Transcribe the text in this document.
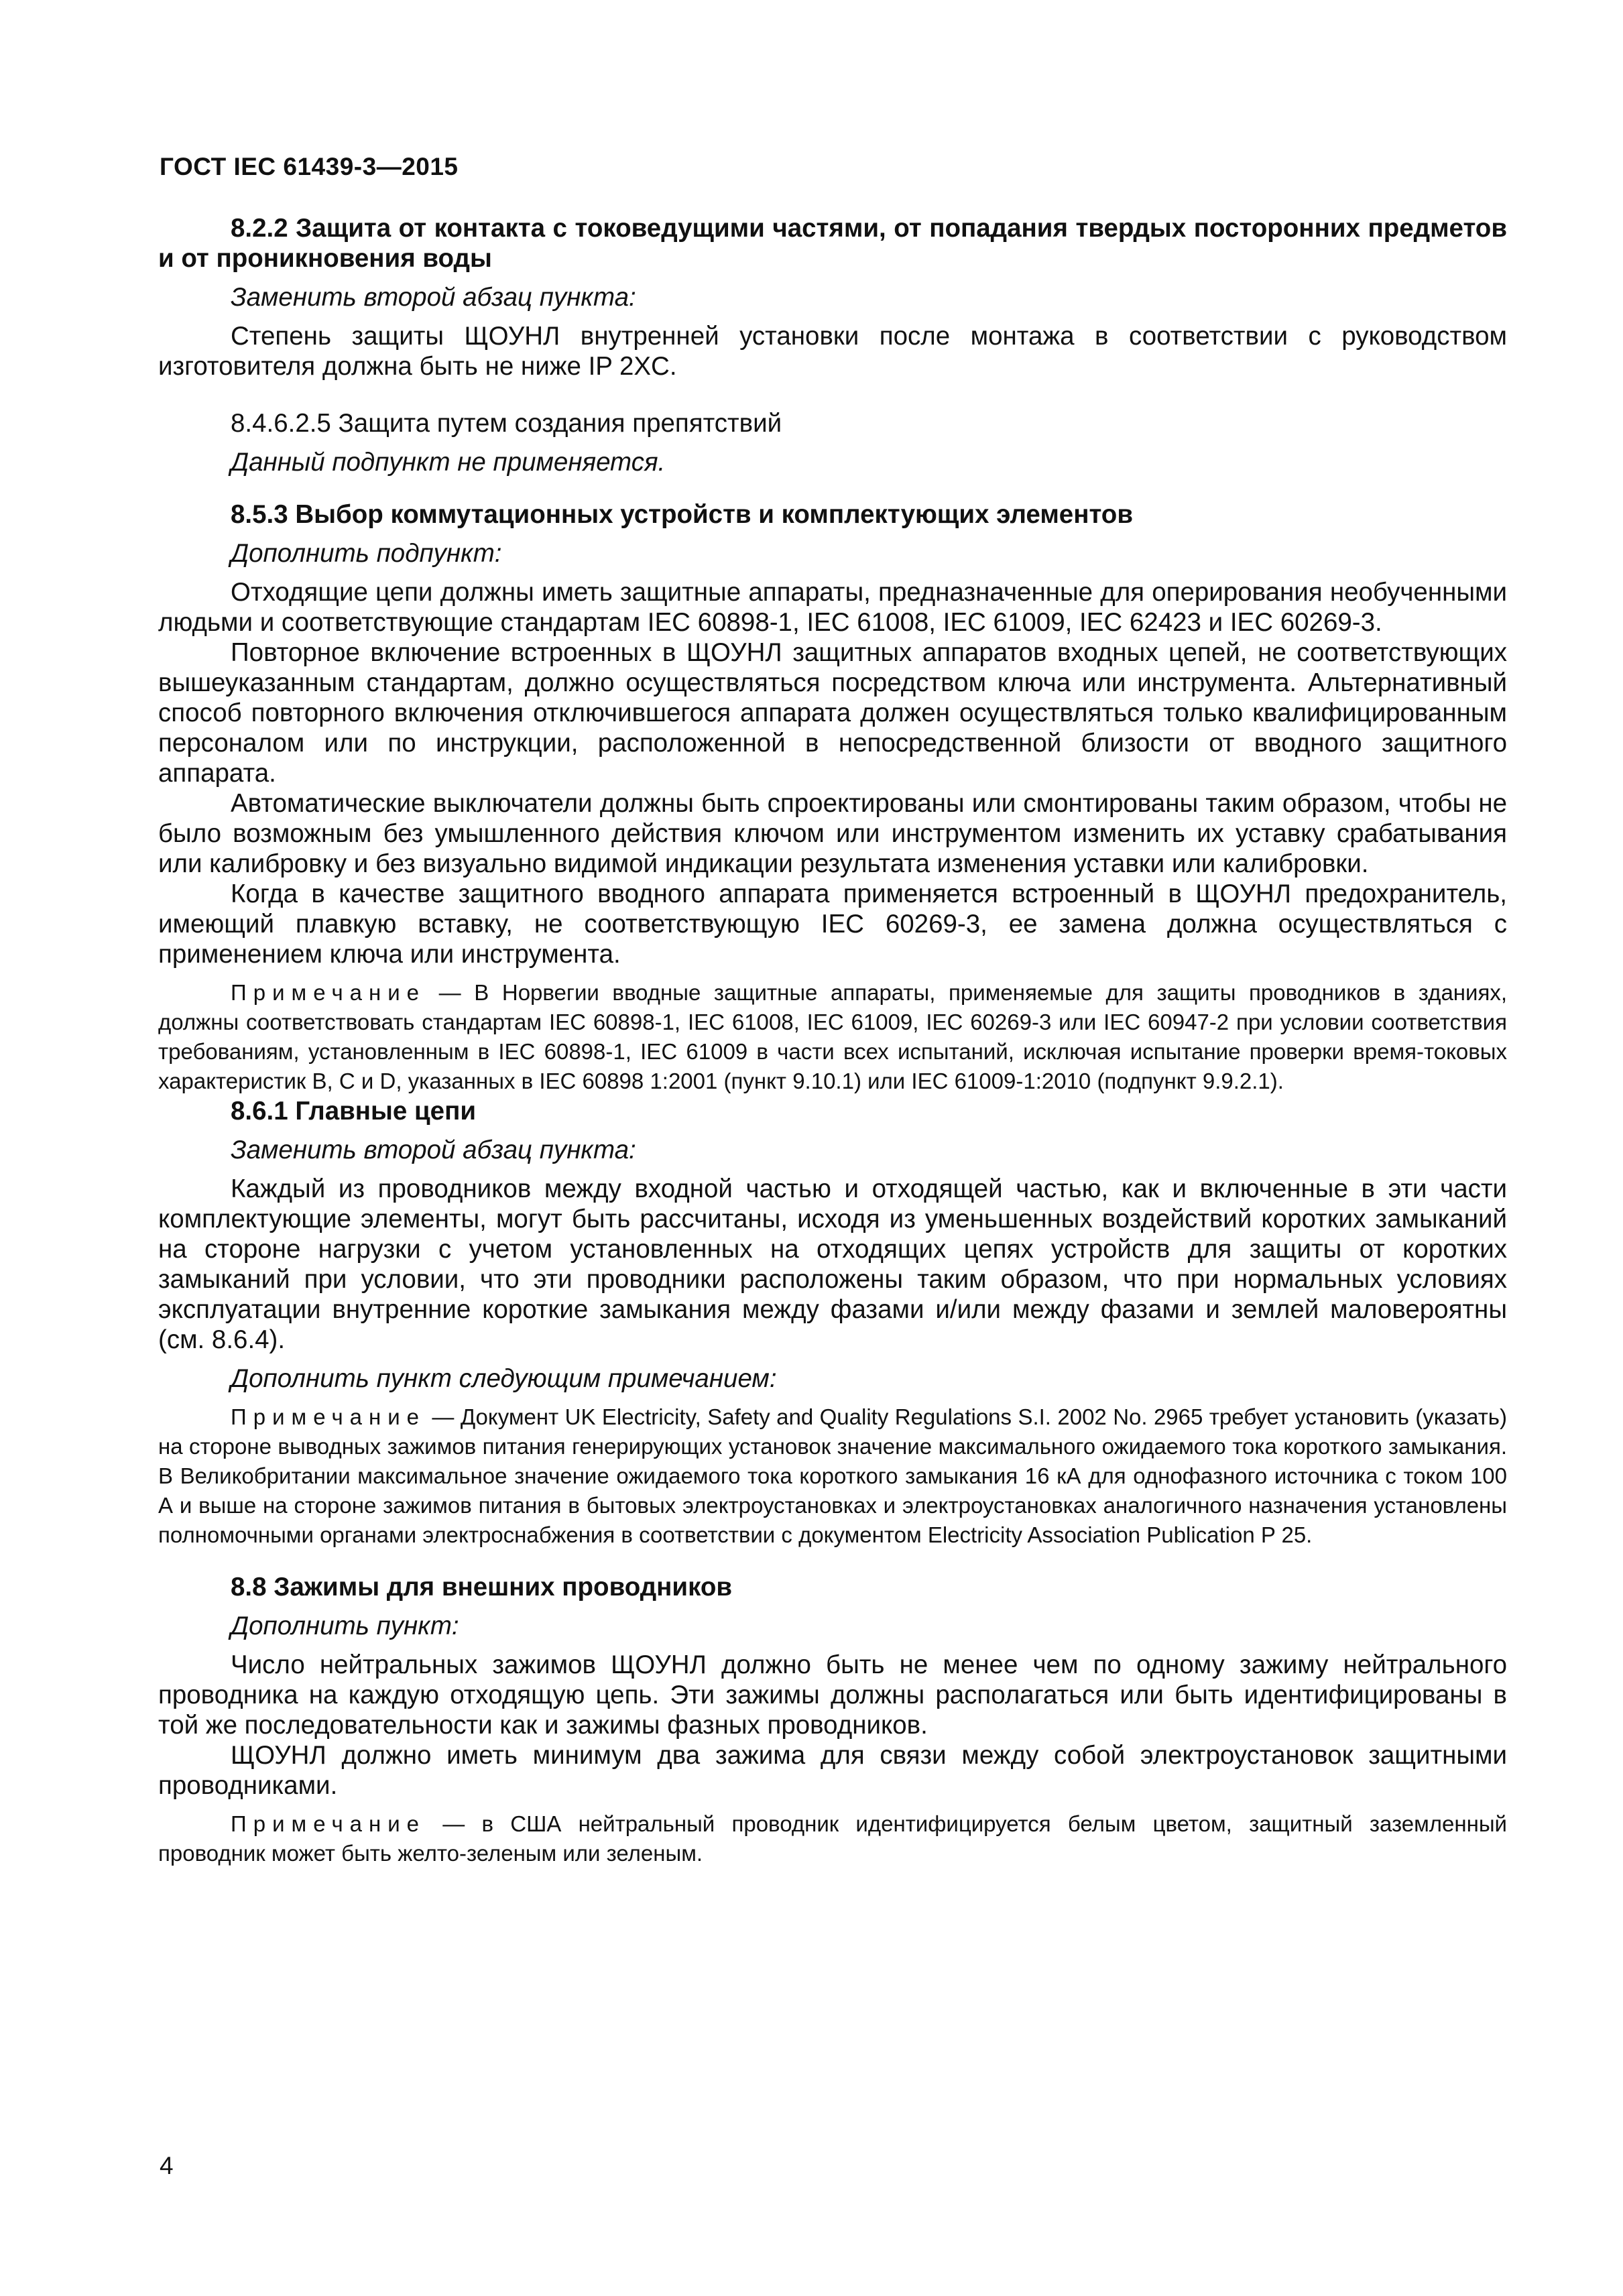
ГОСТ IEC 61439-3—2015

8.2.2 Защита от контакта с токоведущими частями, от попадания твердых посторонних предметов и от проникновения воды

Заменить второй абзац пункта:

Степень защиты ЩОУНЛ внутренней установки после монтажа в соответствии с руководством изготовителя должна быть не ниже IP 2XC.

8.4.6.2.5 Защита путем создания препятствий

Данный подпункт не применяется.

8.5.3 Выбор коммутационных устройств и комплектующих элементов

Дополнить подпункт:

Отходящие цепи должны иметь защитные аппараты, предназначенные для оперирования необученными людьми и соответствующие стандартам IEC 60898-1, IEC 61008, IEC 61009, IEC 62423 и IEC 60269-3.

Повторное включение встроенных в ЩОУНЛ защитных аппаратов входных цепей, не соответствующих вышеуказанным стандартам, должно осуществляться посредством ключа или инструмента. Альтернативный способ повторного включения отключившегося аппарата должен осуществляться только квалифицированным персоналом или по инструкции, расположенной в непосредственной близости от вводного защитного аппарата.

Автоматические выключатели должны быть спроектированы или смонтированы таким образом, чтобы не было возможным без умышленного действия ключом или инструментом изменить их уставку срабатывания или калибровку и без визуально видимой индикации результата изменения уставки или калибровки.

Когда в качестве защитного вводного аппарата применяется встроенный в ЩОУНЛ предохранитель, имеющий плавкую вставку, не соответствующую IEC 60269-3, ее замена должна осуществляться с применением ключа или инструмента.

Примечание — В Норвегии вводные защитные аппараты, применяемые для защиты проводников в зданиях, должны соответствовать стандартам IEC 60898-1, IEC 61008, IEC 61009, IEC 60269-3 или IEC 60947-2 при условии соответствия требованиям, установленным в IEC 60898-1, IEC 61009 в части всех испытаний, исключая испытание проверки время-токовых характеристик B, C и D, указанных в IEC 60898 1:2001 (пункт 9.10.1) или IEC 61009-1:2010 (подпункт 9.9.2.1).

8.6.1 Главные цепи

Заменить второй абзац пункта:

Каждый из проводников между входной частью и отходящей частью, как и включенные в эти части комплектующие элементы, могут быть рассчитаны, исходя из уменьшенных воздействий коротких замыканий на стороне нагрузки с учетом установленных на отходящих цепях устройств для защиты от коротких замыканий при условии, что эти проводники расположены таким образом, что при нормальных условиях эксплуатации внутренние короткие замыкания между фазами и/или между фазами и землей маловероятны (см. 8.6.4).

Дополнить пункт следующим примечанием:

Примечание — Документ UK Electricity, Safety and Quality Regulations S.I. 2002 No. 2965 требует установить (указать) на стороне выводных зажимов питания генерирующих установок значение максимального ожидаемого тока короткого замыкания. В Великобритании максимальное значение ожидаемого тока короткого замыкания 16 кА для однофазного источника с током 100 А и выше на стороне зажимов питания в бытовых электроустановках и электроустановках аналогичного назначения установлены полномочными органами электроснабжения в соответствии с документом Electricity Association Publication P 25.

8.8 Зажимы для внешних проводников

Дополнить пункт:

Число нейтральных зажимов ЩОУНЛ должно быть не менее чем по одному зажиму нейтрального проводника на каждую отходящую цепь. Эти зажимы должны располагаться или быть идентифицированы в той же последовательности как и зажимы фазных проводников.

ЩОУНЛ должно иметь минимум два зажима для связи между собой электроустановок защитными проводниками.

Примечание — в США нейтральный проводник идентифицируется белым цветом, защитный заземленный проводник может быть желто-зеленым или зеленым.

4
